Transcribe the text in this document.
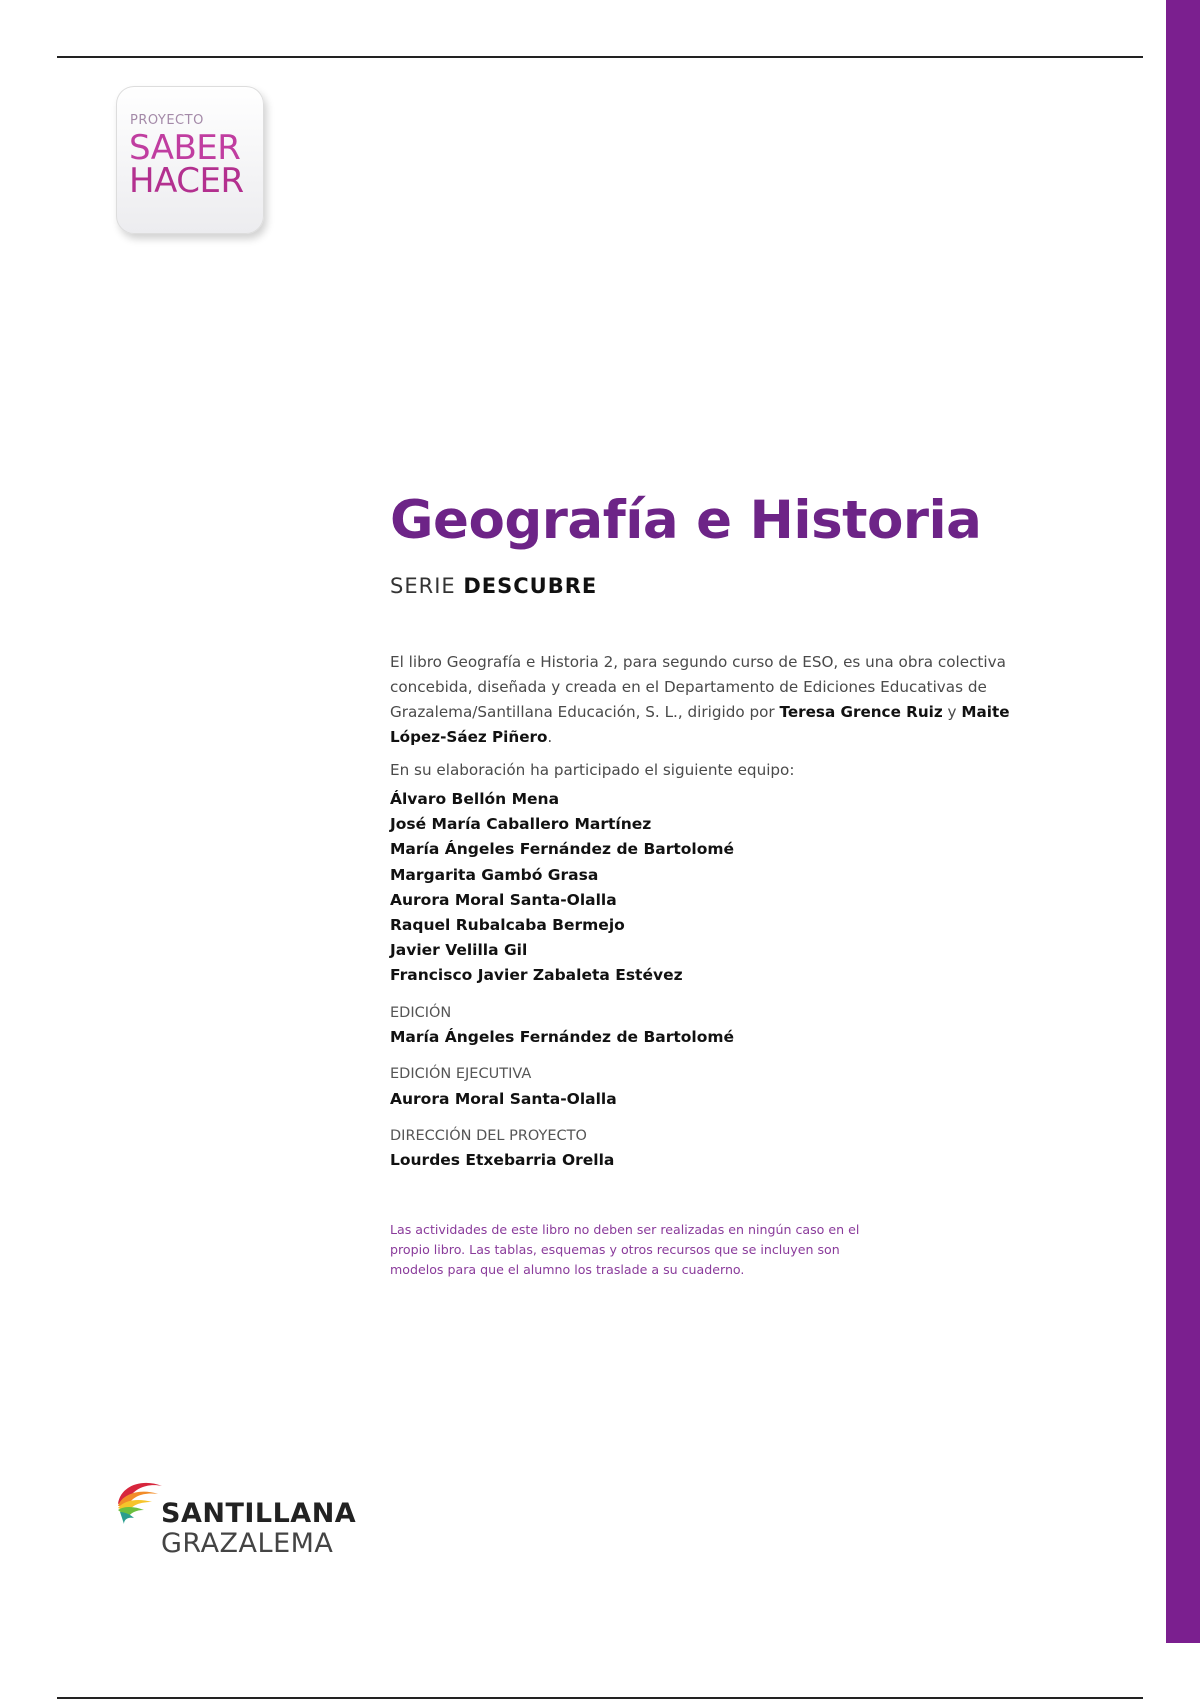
PROYECTO
SABER
HACER
Geografía e Historia
SERIE DESCUBRE
El libro Geografía e Historia 2, para segundo curso de ESO, es una obra colectiva concebida, diseñada y creada en el Departamento de Ediciones Educativas de Grazalema/Santillana Educación, S. L., dirigido por Teresa Grence Ruiz y Maite López-Sáez Piñero.
En su elaboración ha participado el siguiente equipo:
Álvaro Bellón Mena
José María Caballero Martínez
María Ángeles Fernández de Bartolomé
Margarita Gambó Grasa
Aurora Moral Santa-Olalla
Raquel Rubalcaba Bermejo
Javier Velilla Gil
Francisco Javier Zabaleta Estévez
EDICIÓN
María Ángeles Fernández de Bartolomé
EDICIÓN EJECUTIVA
Aurora Moral Santa-Olalla
DIRECCIÓN DEL PROYECTO
Lourdes Etxebarria Orella
Las actividades de este libro no deben ser realizadas en ningún caso en el propio libro. Las tablas, esquemas y otros recursos que se incluyen son modelos para que el alumno los traslade a su cuaderno.
SANTILLANA
GRAZALEMA
